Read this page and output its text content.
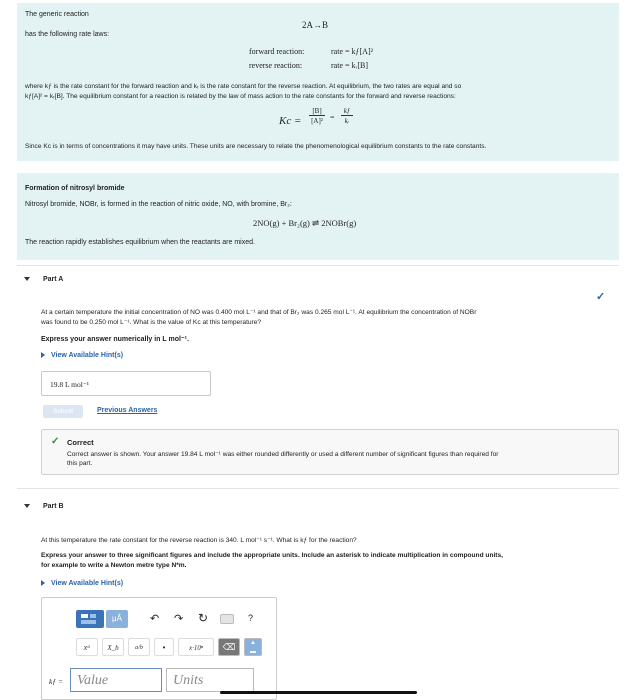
The generic reaction
2A→B
has the following rate laws:
forward reaction:	rate = kƒ[A]²
reverse reaction:	rate = kᵣ[B]
where kƒ is the rate constant for the forward reaction and kᵣ is the rate constant for the reverse reaction. At equilibrium, the two rates are equal and so
kƒ[A]² = kᵣ[B]. The equilibrium constant for a reaction is related by the law of mass action to the rate constants for the forward and reverse reactions:
Kc =
[B]
[A]² =
kƒ
kᵣ
Since Kc is in terms of concentrations it may have units. These units are necessary to relate the phenomenological equilibrium constants to the rate constants.
Formation of nitrosyl bromide
Nitrosyl bromide, NOBr, is formed in the reaction of nitric oxide, NO, with bromine, Br₂:
2NO(g) + Br₂(g) ⇌ 2NOBr(g)
The reaction rapidly establishes equilibrium when the reactants are mixed.
Part A
✓
At a certain temperature the initial concentration of NO was 0.400 mol L⁻¹ and that of Br₂ was 0.265 mol L⁻¹. At equilibrium the concentration of NOBr
was found to be 0.250 mol L⁻¹. What is the value of Kc at this temperature?
Express your answer numerically in L mol⁻¹.
View Available Hint(s)
19.8 L mol⁻¹
Submit	Previous Answers
✓ Correct
Correct answer is shown. Your answer 19.84 L mol⁻¹ was either rounded differently or used a different number of significant figures than required for
this part.
Part B
At this temperature the rate constant for the reverse reaction is 340. L mol⁻¹ s⁻¹. What is kƒ for the reaction?
Express your answer to three significant figures and include the appropriate units. Include an asterisk to indicate multiplication in compound units,
for example to write a Newton metre type N*m.
View Available Hint(s)
μÅ	↶ ↷ ↻	?
xᵃ	X_b	a/b	•	x·10ⁿ	⌫	▲
▬
kƒ = Value	Units
